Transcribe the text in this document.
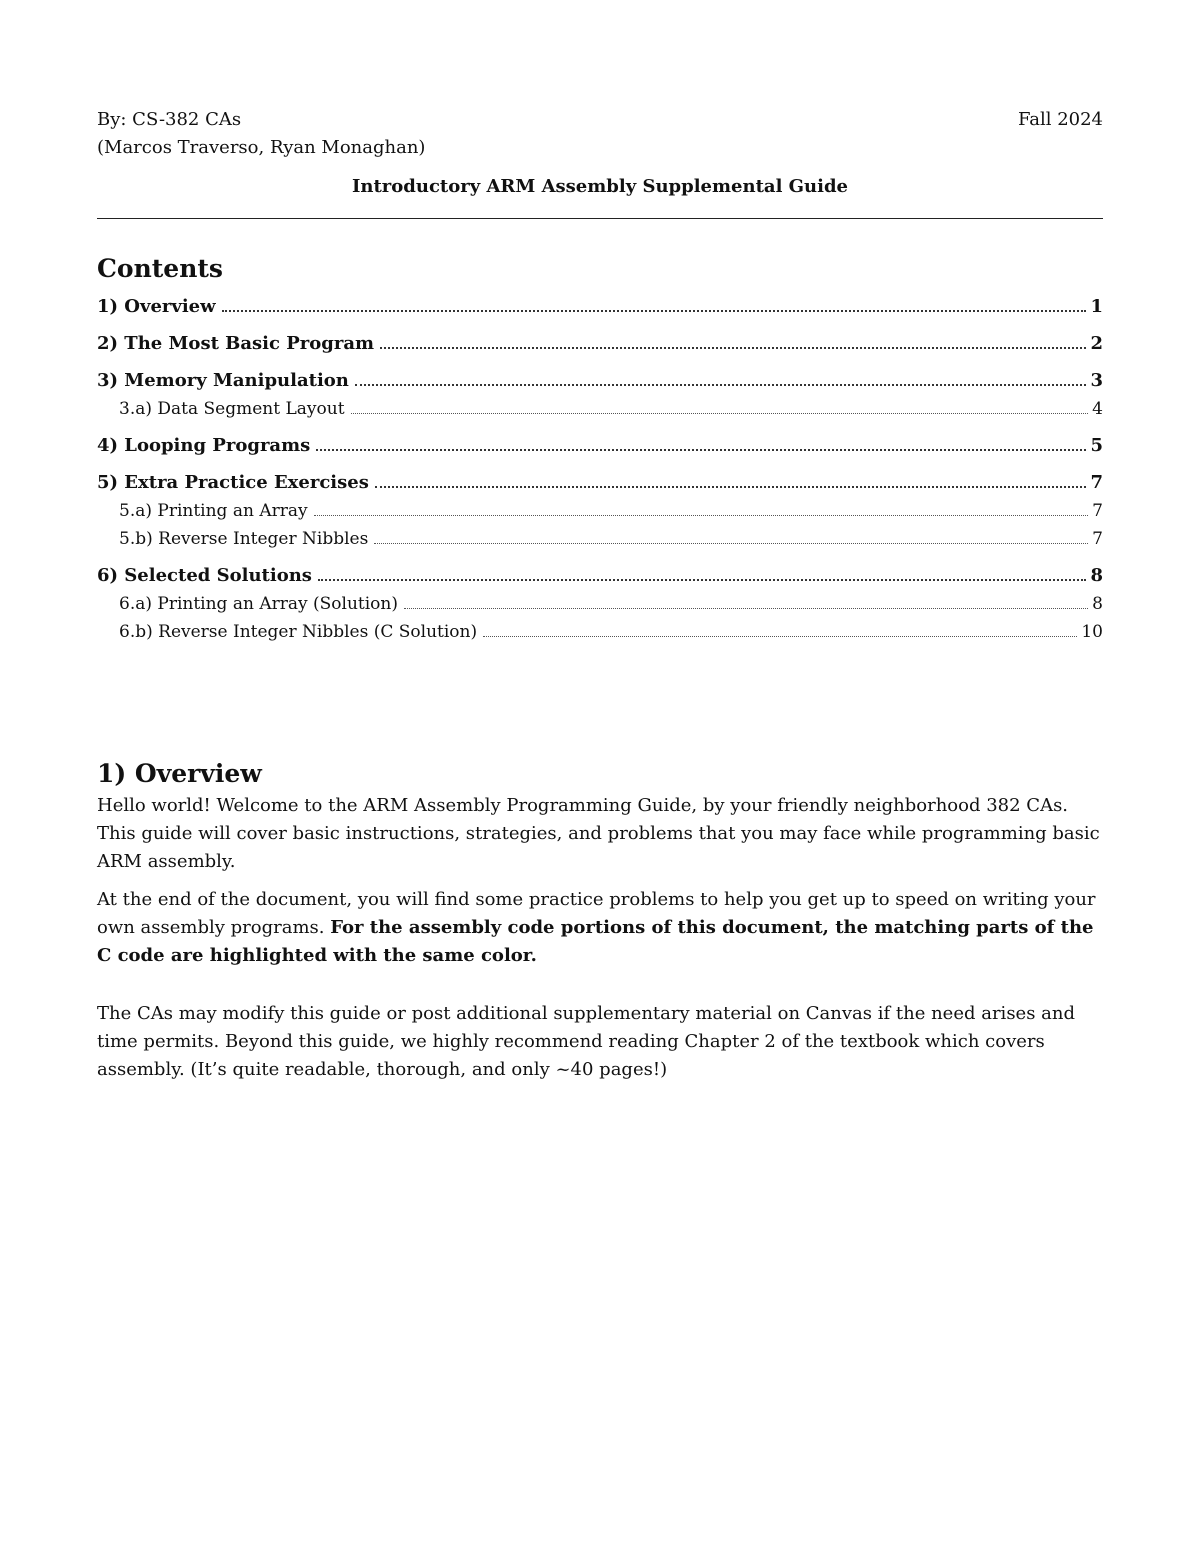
By: CS-382 CAs	Fall 2024
(Marcos Traverso, Ryan Monaghan)
Introductory ARM Assembly Supplemental Guide
Contents
1) Overview	1
2) The Most Basic Program	2
3) Memory Manipulation	3
3.a) Data Segment Layout	4
4) Looping Programs	5
5) Extra Practice Exercises	7
5.a) Printing an Array	7
5.b) Reverse Integer Nibbles	7
6) Selected Solutions	8
6.a) Printing an Array (Solution)	8
6.b) Reverse Integer Nibbles (C Solution)	10
1) Overview

Hello world! Welcome to the ARM Assembly Programming Guide, by your friendly neighborhood 382 CAs. This guide will cover basic instructions, strategies, and problems that you may face while programming basic ARM assembly.

At the end of the document, you will find some practice problems to help you get up to speed on writing your own assembly programs. For the assembly code portions of this document, the matching parts of the C code are highlighted with the same color.

The CAs may modify this guide or post additional supplementary material on Canvas if the need arises and time permits. Beyond this guide, we highly recommend reading Chapter 2 of the textbook which covers assembly. (It’s quite readable, thorough, and only ~40 pages!)
